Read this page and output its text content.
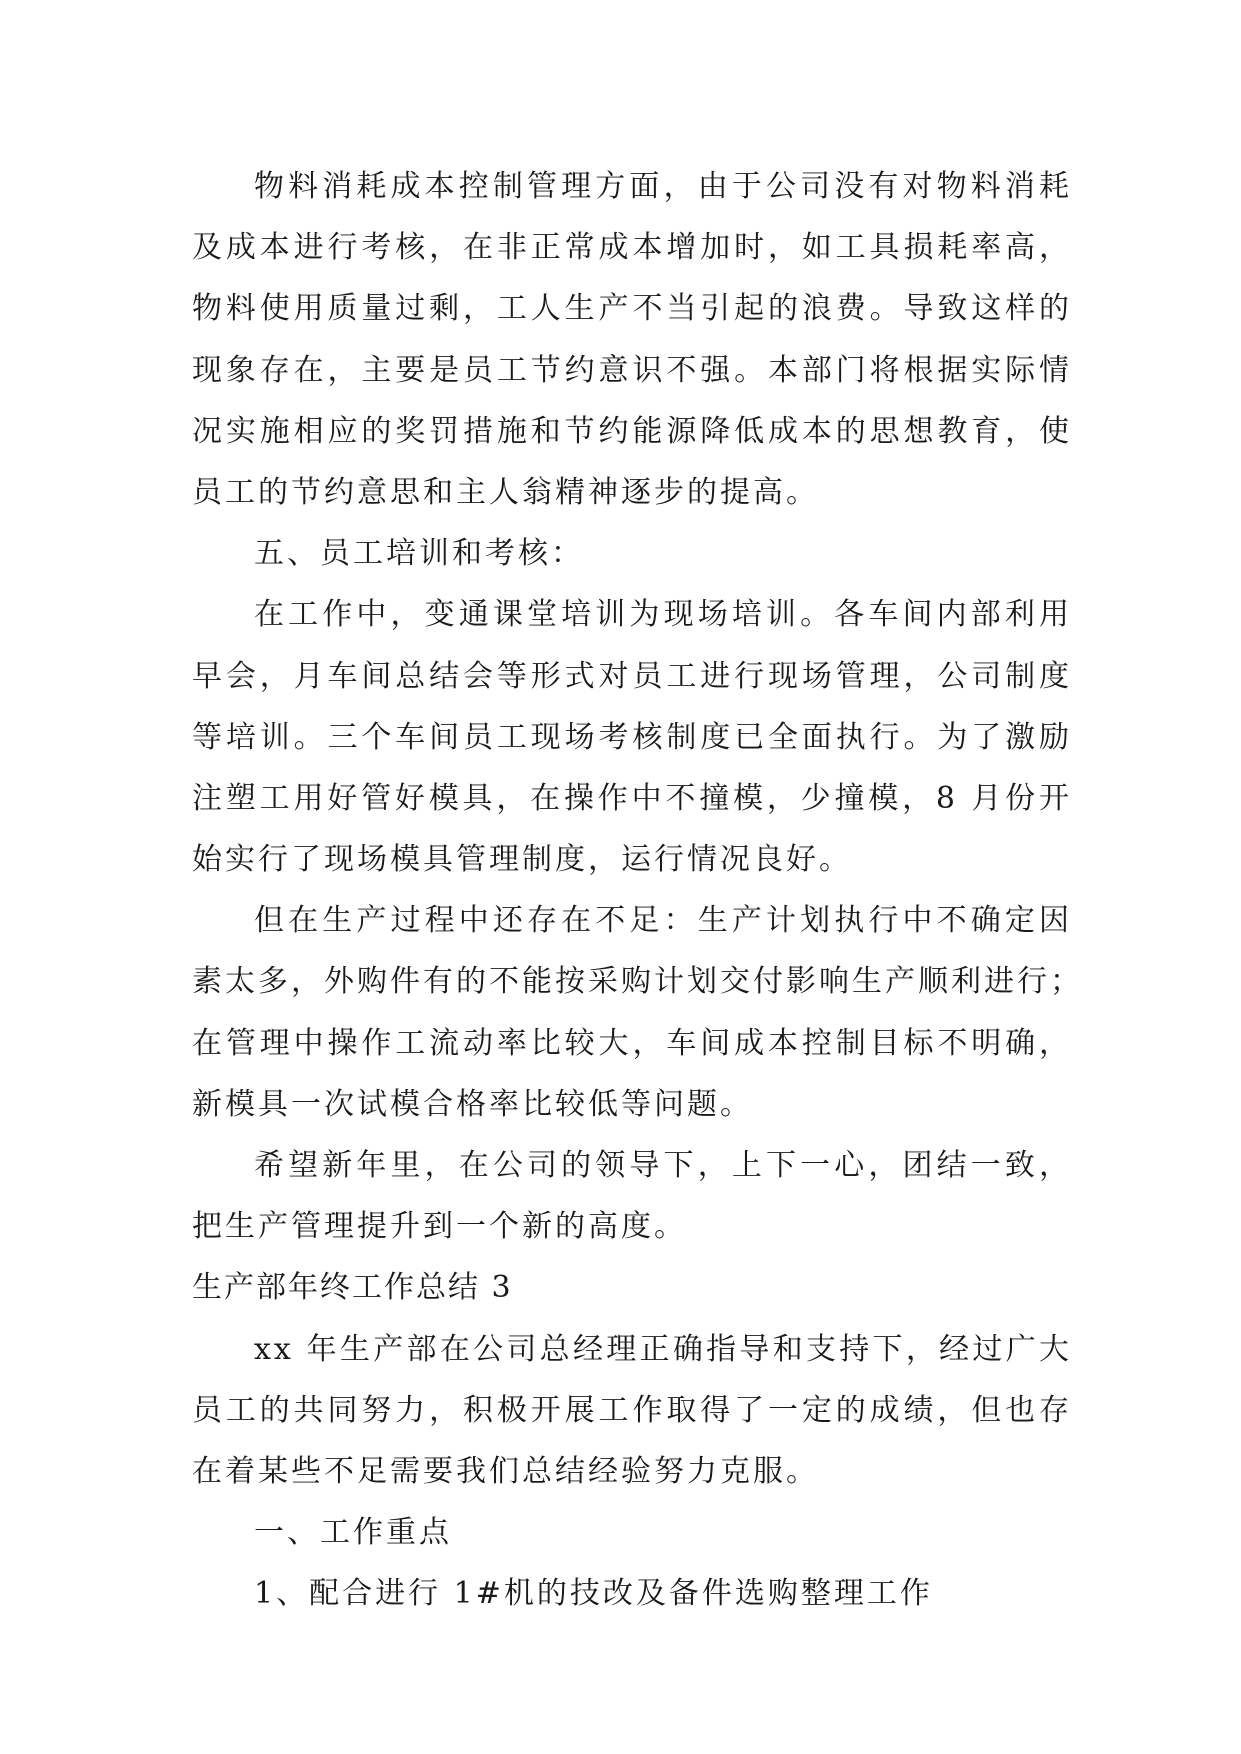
物料消耗成本控制管理方面，由于公司没有对物料消耗
及成本进行考核，在非正常成本增加时，如工具损耗率高，
物料使用质量过剩，工人生产不当引起的浪费。导致这样的
现象存在，主要是员工节约意识不强。本部门将根据实际情
况实施相应的奖罚措施和节约能源降低成本的思想教育，使
员工的节约意思和主人翁精神逐步的提高。
五、员工培训和考核：
在工作中，变通课堂培训为现场培训。各车间内部利用
早会，月车间总结会等形式对员工进行现场管理，公司制度
等培训。三个车间员工现场考核制度已全面执行。为了激励
注塑工用好管好模具，在操作中不撞模，少撞模，8 月份开
始实行了现场模具管理制度，运行情况良好。
但在生产过程中还存在不足：生产计划执行中不确定因
素太多，外购件有的不能按采购计划交付影响生产顺利进行；
在管理中操作工流动率比较大，车间成本控制目标不明确，
新模具一次试模合格率比较低等问题。
希望新年里，在公司的领导下，上下一心，团结一致，
把生产管理提升到一个新的高度。
生产部年终工作总结 3
xx 年生产部在公司总经理正确指导和支持下，经过广大
员工的共同努力，积极开展工作取得了一定的成绩，但也存
在着某些不足需要我们总结经验努力克服。
一、工作重点
1、配合进行 1#机的技改及备件选购整理工作
